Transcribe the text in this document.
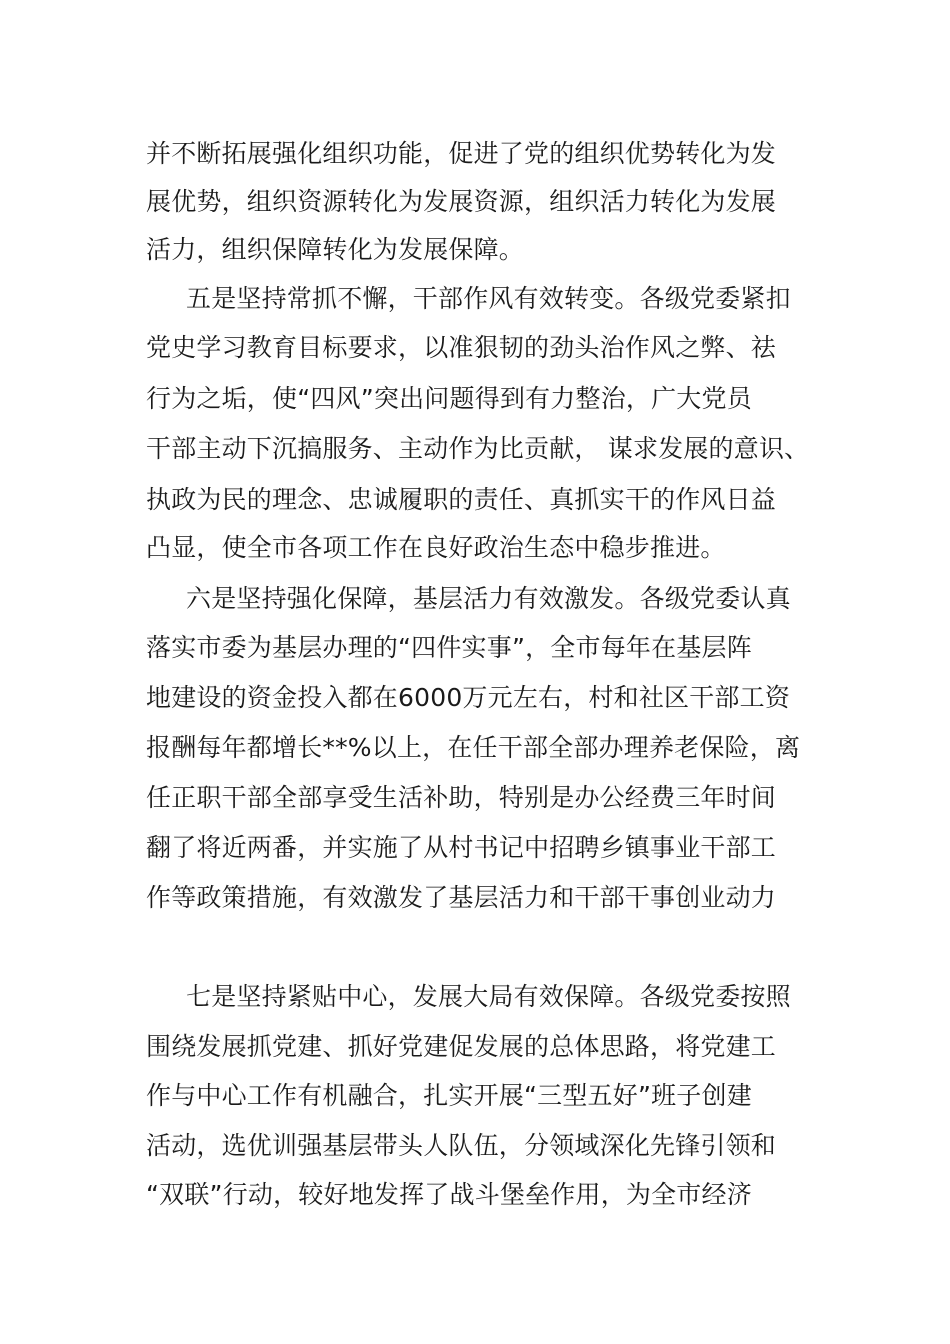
并不断拓展强化组织功能，促进了党的组织优势转化为发
展优势，组织资源转化为发展资源，组织活力转化为发展
活力，组织保障转化为发展保障。
五是坚持常抓不懈，干部作风有效转变。各级党委紧扣
党史学习教育目标要求，以准狠韧的劲头治作风之弊、祛
行为之垢，使“四风”突出问题得到有力整治，广大党员
干部主动下沉搞服务、主动作为比贡献， 谋求发展的意识、
执政为民的理念、忠诚履职的责任、真抓实干的作风日益
凸显，使全市各项工作在良好政治生态中稳步推进。
六是坚持强化保障，基层活力有效激发。各级党委认真
落实市委为基层办理的“四件实事”，全市每年在基层阵
地建设的资金投入都在6000万元左右，村和社区干部工资
报酬每年都增长**%以上，在任干部全部办理养老保险，离
任正职干部全部享受生活补助，特别是办公经费三年时间
翻了将近两番，并实施了从村书记中招聘乡镇事业干部工
作等政策措施，有效激发了基层活力和干部干事创业动力
七是坚持紧贴中心，发展大局有效保障。各级党委按照
围绕发展抓党建、抓好党建促发展的总体思路，将党建工
作与中心工作有机融合，扎实开展“三型五好”班子创建
活动，选优训强基层带头人队伍，分领域深化先锋引领和
“双联”行动，较好地发挥了战斗堡垒作用，为全市经济
